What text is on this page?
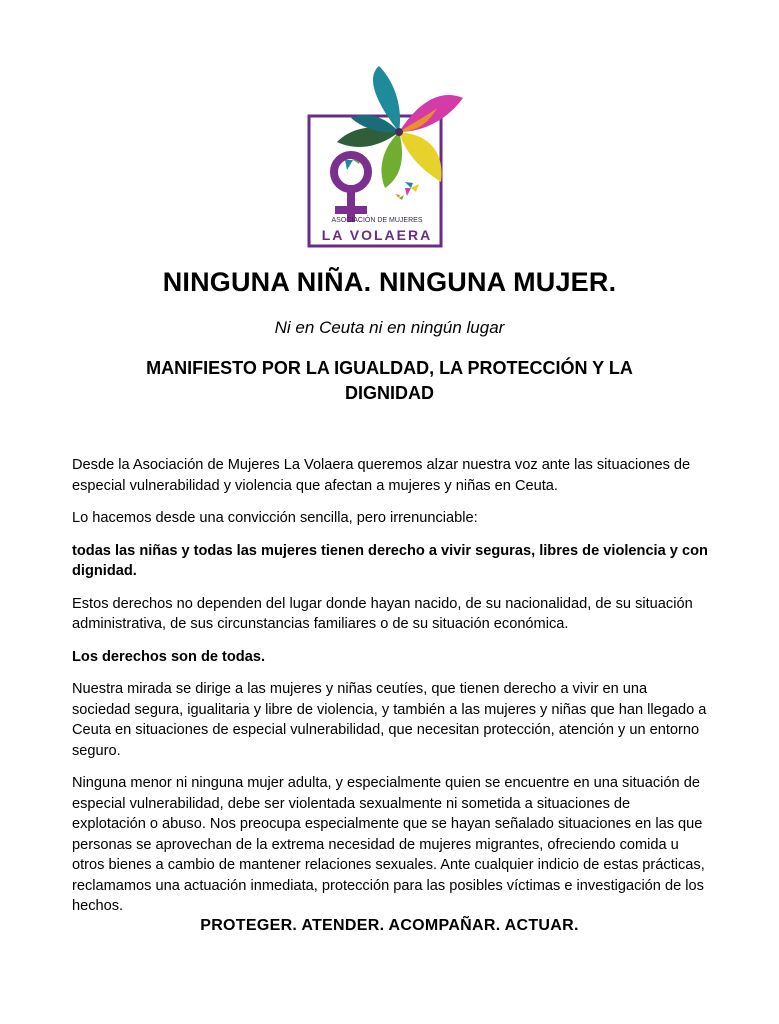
ASOCIACIÓN DE MUJERES
LA VOLAERA
NINGUNA NIÑA. NINGUNA MUJER.

Ni en Ceuta ni en ningún lugar

MANIFIESTO POR LA IGUALDAD, LA PROTECCIÓN Y LA DIGNIDAD

Desde la Asociación de Mujeres La Volaera queremos alzar nuestra voz ante las situaciones de especial vulnerabilidad y violencia que afectan a mujeres y niñas en Ceuta.

Lo hacemos desde una convicción sencilla, pero irrenunciable:

todas las niñas y todas las mujeres tienen derecho a vivir seguras, libres de violencia y con dignidad.

Estos derechos no dependen del lugar donde hayan nacido, de su nacionalidad, de su situación administrativa, de sus circunstancias familiares o de su situación económica.

Los derechos son de todas.

Nuestra mirada se dirige a las mujeres y niñas ceutíes, que tienen derecho a vivir en una sociedad segura, igualitaria y libre de violencia, y también a las mujeres y niñas que han llegado a Ceuta en situaciones de especial vulnerabilidad, que necesitan protección, atención y un entorno seguro.

Ninguna menor ni ninguna mujer adulta, y especialmente quien se encuentre en una situación de especial vulnerabilidad, debe ser violentada sexualmente ni sometida a situaciones de explotación o abuso. Nos preocupa especialmente que se hayan señalado situaciones en las que personas se aprovechan de la extrema necesidad de mujeres migrantes, ofreciendo comida u otros bienes a cambio de mantener relaciones sexuales. Ante cualquier indicio de estas prácticas, reclamamos una actuación inmediata, protección para las posibles víctimas e investigación de los hechos.

PROTEGER. ATENDER. ACOMPAÑAR. ACTUAR.
